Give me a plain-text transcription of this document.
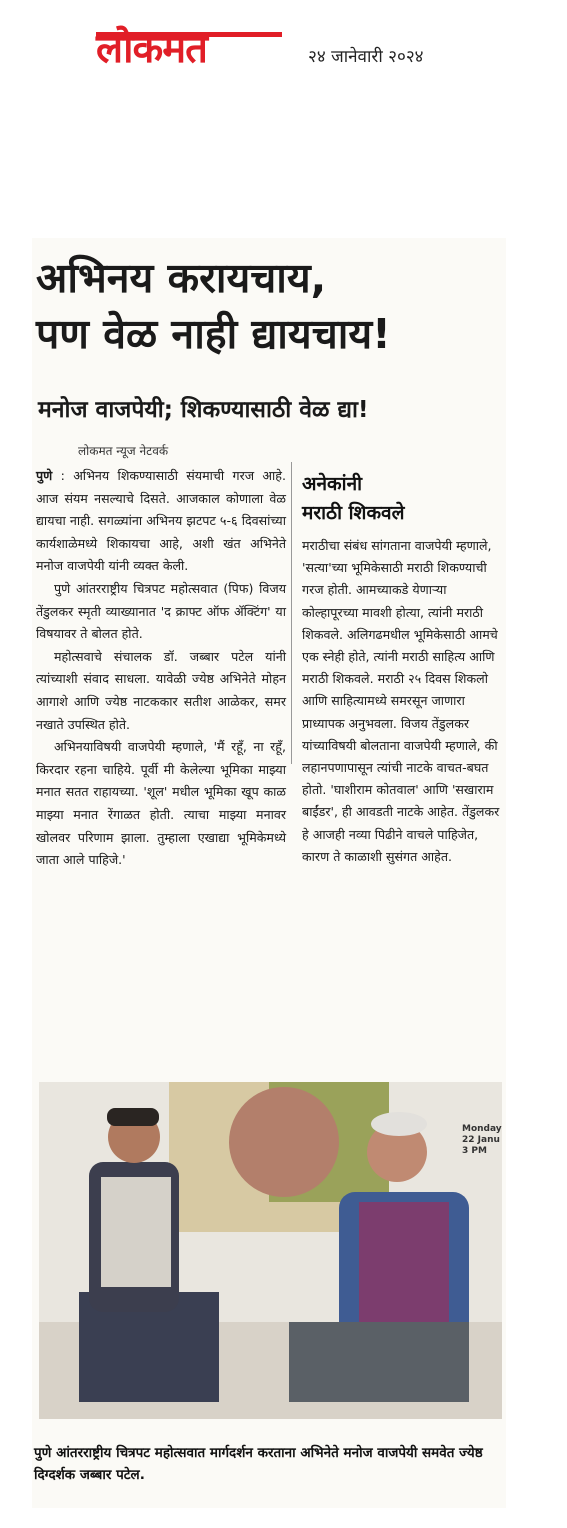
लोकमत	२४ जानेवारी २०२४
अभिनय करायचाय,
पण वेळ नाही द्यायचाय!
मनोज वाजपेयी; शिकण्यासाठी वेळ द्या!
लोकमत न्यूज नेटवर्क

पुणे : अभिनय शिकण्यासाठी संयमाची गरज आहे. आज संयम नसल्याचे दिसते. आजकाल कोणाला वेळ द्यायचा नाही. सगळ्यांना अभिनय झटपट ५-६ दिवसांच्या कार्यशाळेमध्ये शिकायचा आहे, अशी खंत अभिनेते मनोज वाजपेयी यांनी व्यक्त केली.

पुणे आंतरराष्ट्रीय चित्रपट महोत्सवात (पिफ) विजय तेंडुलकर स्मृती व्याख्यानात 'द क्राफ्ट ऑफ ॲक्टिंग' या विषयावर ते बोलत होते.

महोत्सवाचे संचालक डॉ. जब्बार पटेल यांनी त्यांच्याशी संवाद साधला. यावेळी ज्येष्ठ अभिनेते मोहन आगाशे आणि ज्येष्ठ नाटककार सतीश आळेकर, समर नखाते उपस्थित होते.

अभिनयाविषयी वाजपेयी म्हणाले, 'मैं रहूँ, ना रहूँ, किरदार रहना चाहिये. पूर्वी मी केलेल्या भूमिका माझ्या मनात सतत राहायच्या. 'शूल' मधील भूमिका खूप काळ माझ्या मनात रेंगाळत होती. त्याचा माझ्या मनावर खोलवर परिणाम झाला. तुम्हाला एखाद्या भूमिकेमध्ये जाता आले पाहिजे.'

अनेकांनी
मराठी शिकवले
मराठीचा संबंध सांगताना वाजपेयी म्हणाले, 'सत्या'च्या भूमिकेसाठी मराठी शिकण्याची गरज होती. आमच्याकडे येणाऱ्या कोल्हापूरच्या मावशी होत्या, त्यांनी मराठी शिकवले. अलिगढमधील भूमिकेसाठी आमचे एक स्नेही होते, त्यांनी मराठी साहित्य आणि मराठी शिकवले. मराठी २५ दिवस शिकलो आणि साहित्यामध्ये समरसून जाणारा प्राध्यापक अनुभवला. विजय तेंडुलकर यांच्याविषयी बोलताना वाजपेयी म्हणाले, की लहानपणापासून त्यांची नाटके वाचत-बघत होतो. 'घाशीराम कोतवाल' आणि 'सखाराम बाईंडर', ही आवडती नाटके आहेत. तेंडुलकर हे आजही नव्या पिढीने वाचले पाहिजेत, कारण ते काळाशी सुसंगत आहेत.
Monday
22 Janu
3 PM
पुणे आंतरराष्ट्रीय चित्रपट महोत्सवात मार्गदर्शन करताना अभिनेते मनोज वाजपेयी समवेत ज्येष्ठ दिग्दर्शक जब्बार पटेल.
